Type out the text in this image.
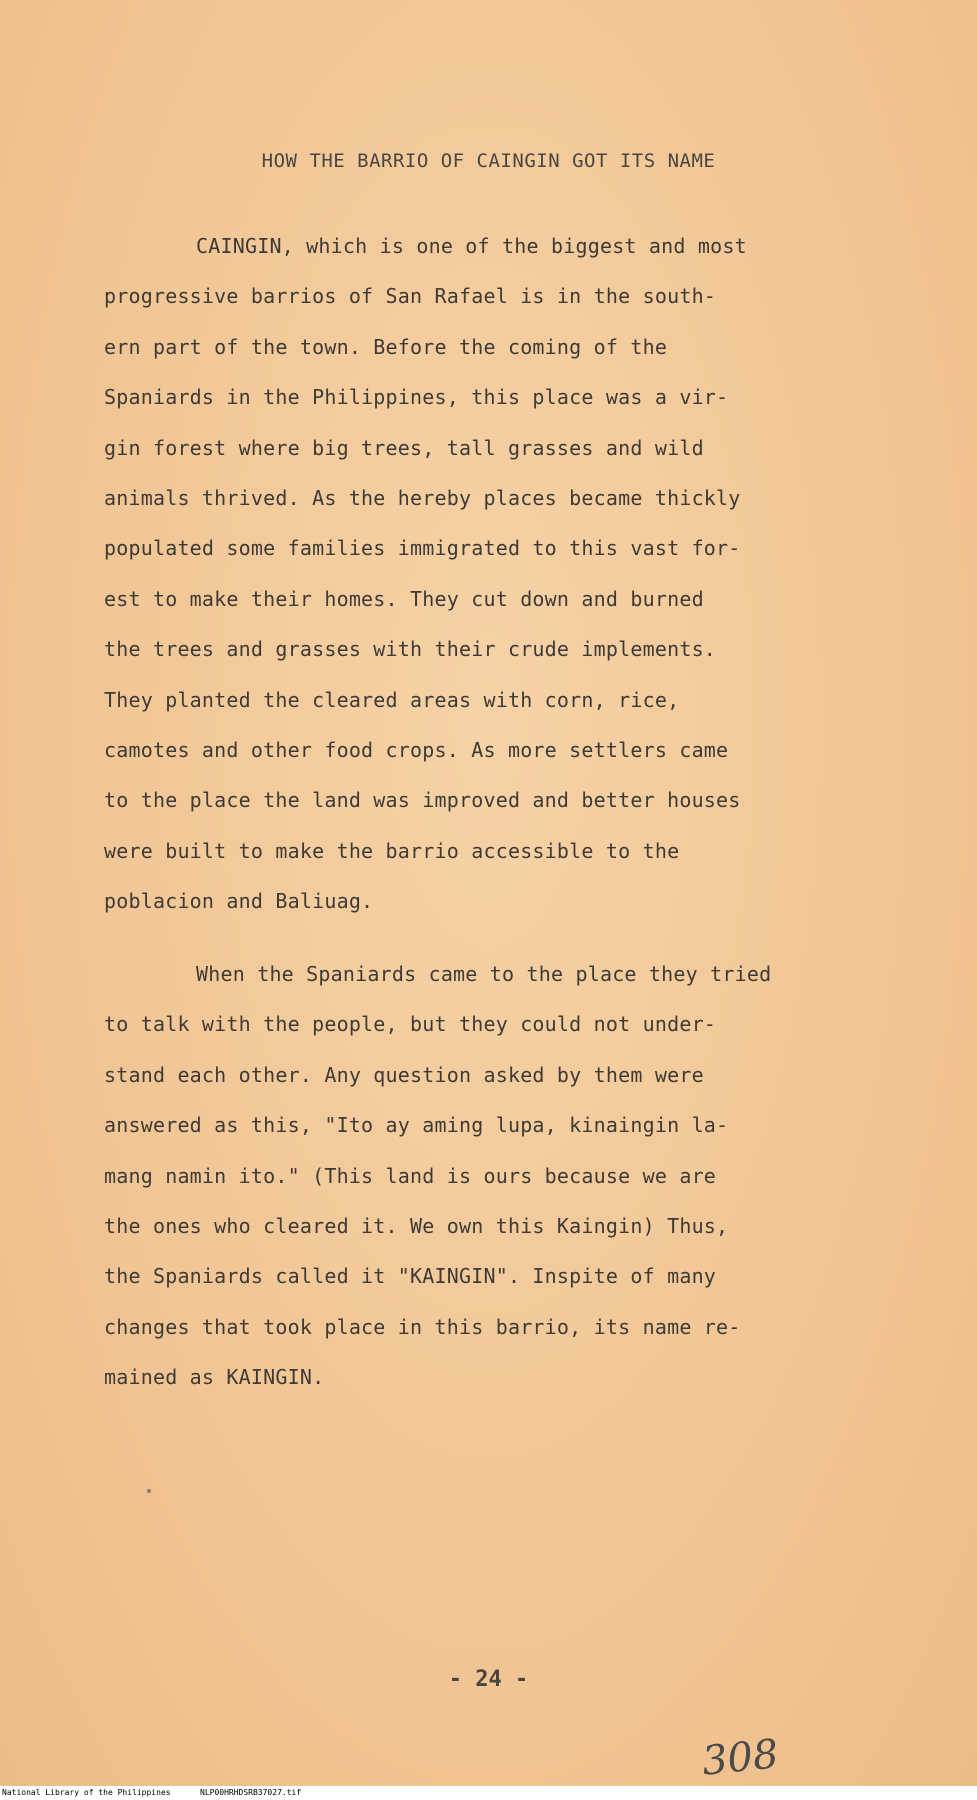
HOW THE BARRIO OF CAINGIN GOT ITS NAME
CAINGIN, which is one of the biggest and most
progressive barrios of San Rafael is in the south-
ern part of the town. Before the coming of the
Spaniards in the Philippines, this place was a vir-
gin forest where big trees, tall grasses and wild
animals thrived. As the hereby places became thickly
populated some families immigrated to this vast for-
est to make their homes. They cut down and burned
the trees and grasses with their crude implements.
They planted the cleared areas with corn, rice,
camotes and other food crops. As more settlers came
to the place the land was improved and better houses
were built to make the barrio accessible to the
poblacion and Baliuag.
When the Spaniards came to the place they tried
to talk with the people, but they could not under-
stand each other. Any question asked by them were
answered as this, "Ito ay aming lupa, kinaingin la-
mang namin ito." (This land is ours because we are
the ones who cleared it. We own this Kaingin) Thus,
the Spaniards called it "KAINGIN". Inspite of many
changes that took place in this barrio, its name re-
mained as KAINGIN.
- 24 -
308
National Library of the Philippines	NLP00HRHDSRB37027.tif
